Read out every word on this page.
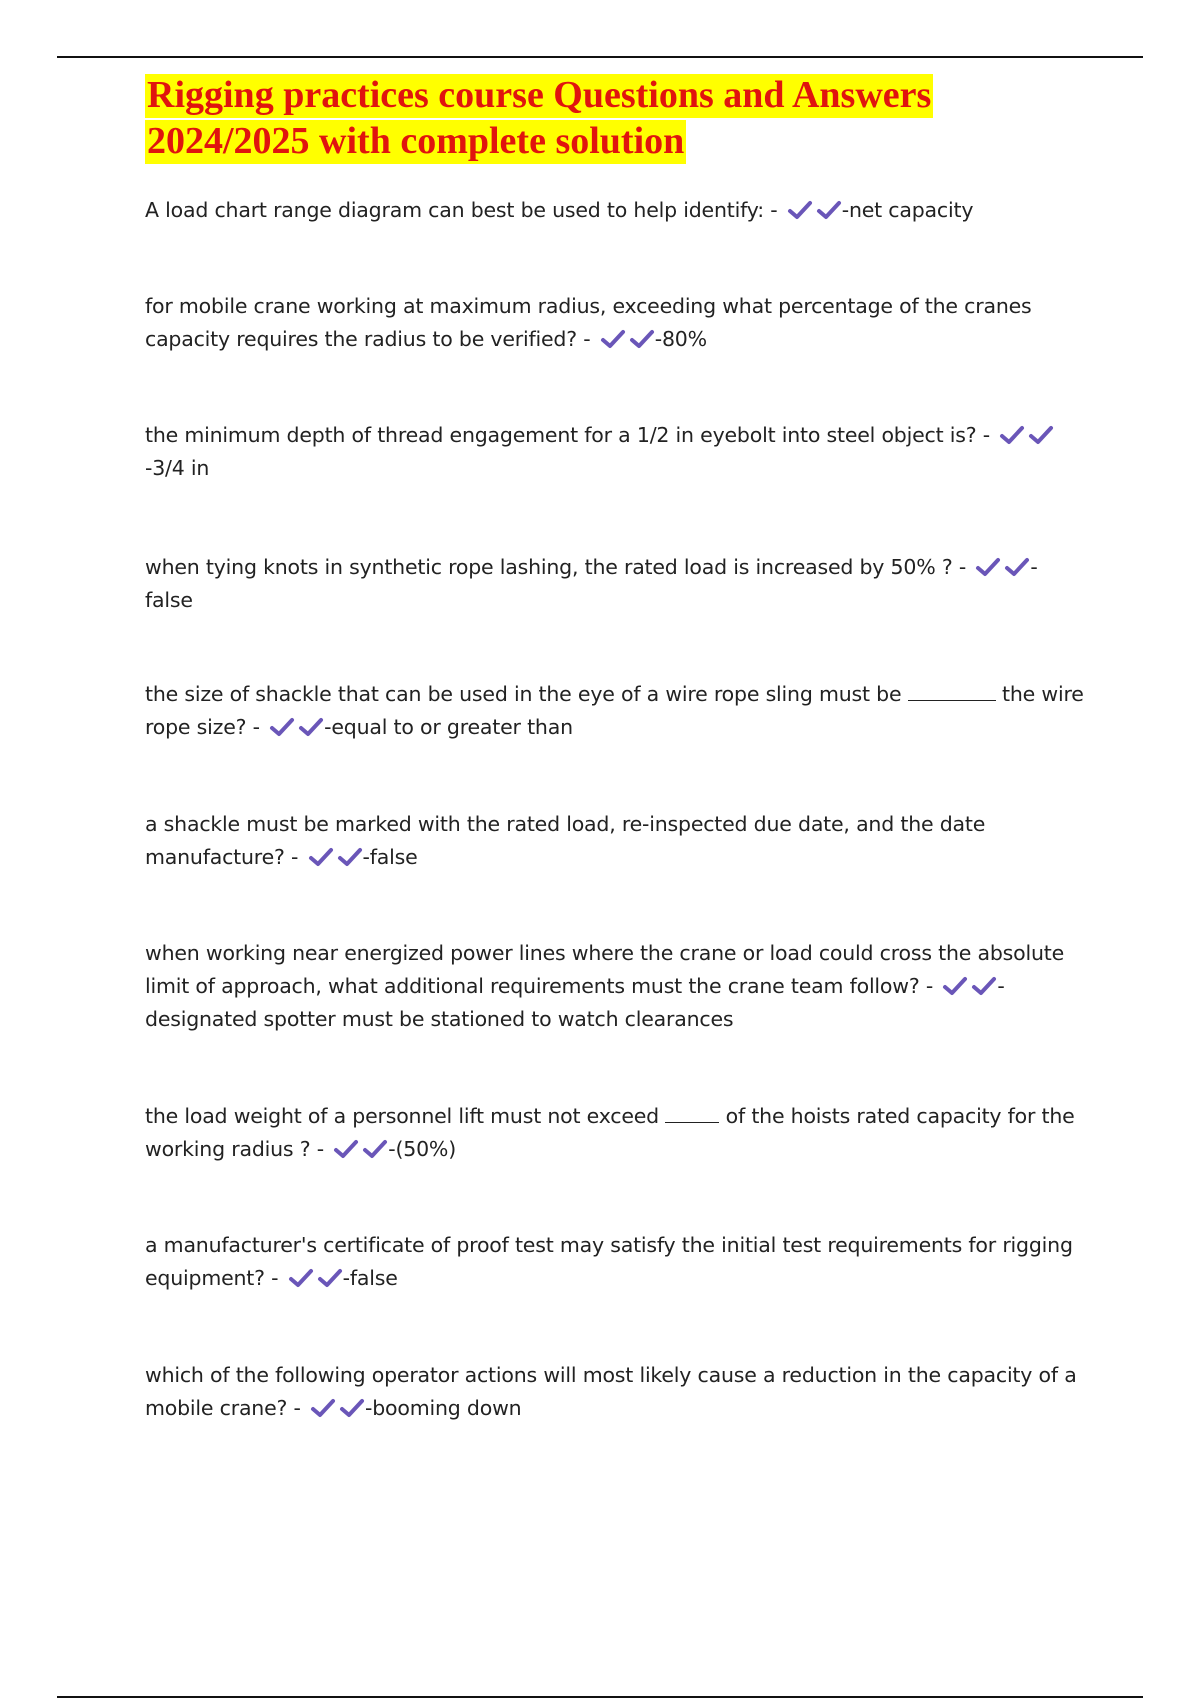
Rigging practices course Questions and Answers
2024/2025 with complete solution

A load chart range diagram can best be used to help identify: -	-net capacity

for mobile crane working at maximum radius, exceeding what percentage of the cranes capacity requires the radius to be verified? -	-80%

the minimum depth of thread engagement for a 1/2 in eyebolt into steel object is? -
-3/4 in

when tying knots in synthetic rope lashing, the rated load is increased by 50% ? -	-false

the size of shackle that can be used in the eye of a wire rope sling must be	the wire rope size? -	-equal to or greater than

a shackle must be marked with the rated load, re-inspected due date, and the date manufacture? -	-false

when working near energized power lines where the crane or load could cross the absolute limit of approach, what additional requirements must the crane team follow? -	-designated spotter must be stationed to watch clearances

the load weight of a personnel lift must not exceed	of the hoists rated capacity for the working radius ? -	-(50%)

a manufacturer's certificate of proof test may satisfy the initial test requirements for rigging equipment? -	-false

which of the following operator actions will most likely cause a reduction in the capacity of a mobile crane? -	-booming down
